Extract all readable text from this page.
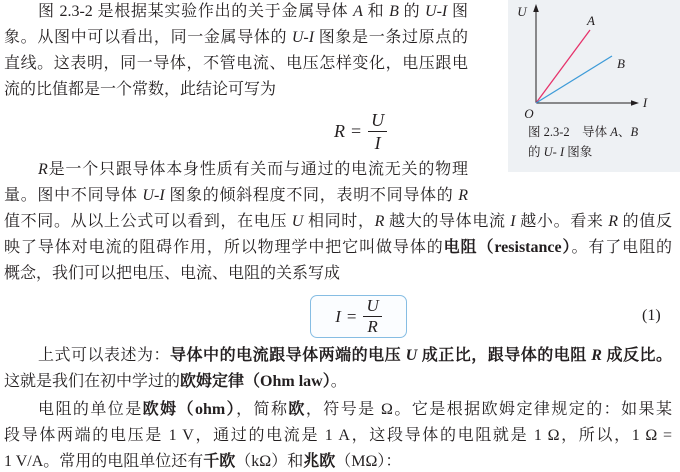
U
I
O
A
B
图 2.3-2　导体 A、B
的 U- I 图象
图 2.3-2 是根据某实验作出的关于金属导体 A 和 B 的 U-I 图
象。从图中可以看出，同一金属导体的 U-I 图象是一条过原点的
直线。这表明，同一导体，不管电流、电压怎样变化，电压跟电
流的比值都是一个常数，此结论可写为
$R = \frac{U}{I}$
R是一个只跟导体本身性质有关而与通过的电流无关的物理
量。图中不同导体 U-I 图象的倾斜程度不同，表明不同导体的 R
值不同。从以上公式可以看到，在电压 U 相同时，R 越大的导体电流 I 越小。看来 R 的值反
映了导体对电流的阻碍作用，所以物理学中把它叫做导体的电阻（resistance）。有了电阻的
概念，我们可以把电压、电流、电阻的关系写成
$I = \frac{U}{R}$	(1)
上式可以表述为：导体中的电流跟导体两端的电压 U 成正比，跟导体的电阻 R 成反比。
这就是我们在初中学过的欧姆定律（Ohm law）。
电阻的单位是欧姆（ohm），简称欧，符号是 Ω。它是根据欧姆定律规定的：如果某
段导体两端的电压是 1 V，通过的电流是 1 A，这段导体的电阻就是 1 Ω，所以，1 Ω =
1 V/A。常用的电阻单位还有千欧（kΩ）和兆欧（MΩ）：
